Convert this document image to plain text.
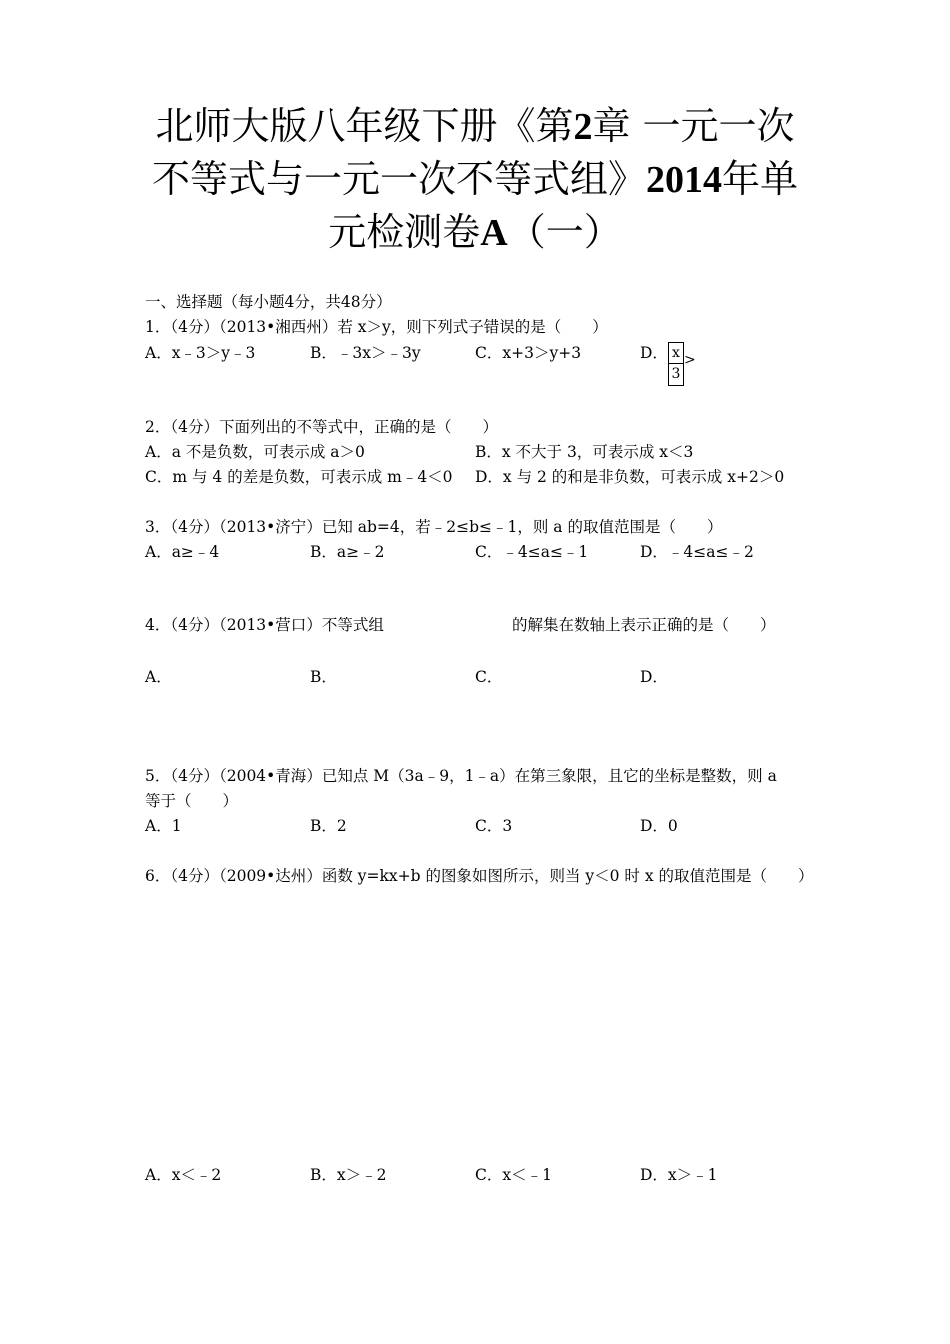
北师大版八年级下册《第2章 一元一次
不等式与一元一次不等式组》2014年单
元检测卷A（一）

一、选择题（每小题4分，共48分）

1．（4分）（2013•湘西州）若 x＞y，则下列式子错误的是（　　）

A．x﹣3＞y﹣3	B．﹣3x＞﹣3y	C．x+3＞y+3	D． $\frac{x}{3}$ >

2．（4分）下面列出的不等式中，正确的是（　　）

A．a 不是负数，可表示成 a＞0	B．x 不大于 3，可表示成 x＜3
C．m 与 4 的差是负数，可表示成 m﹣4＜0 D．x 与 2 的和是非负数，可表示成 x+2＞0

3．（4分）（2013•济宁）已知 ab=4，若﹣2≤b≤﹣1，则 a 的取值范围是（　　）

A．a≥﹣4	B．a≥﹣2	C．﹣4≤a≤﹣1	D．﹣4≤a≤﹣2

4．（4分）（2013•营口）不等式组	的解集在数轴上表示正确的是（　　）
A．	B．	C．	D．

5．（4分）（2004•青海）已知点 M（3a﹣9，1﹣a）在第三象限，且它的坐标是整数，则 a

等于（　　）

A．1	B．2	C．3	D．0

6．（4分）（2009•达州）函数 y=kx+b 的图象如图所示，则当 y＜0 时 x 的取值范围是（　　）

A．x＜﹣2	B．x＞﹣2	C．x＜﹣1	D．x＞﹣1
